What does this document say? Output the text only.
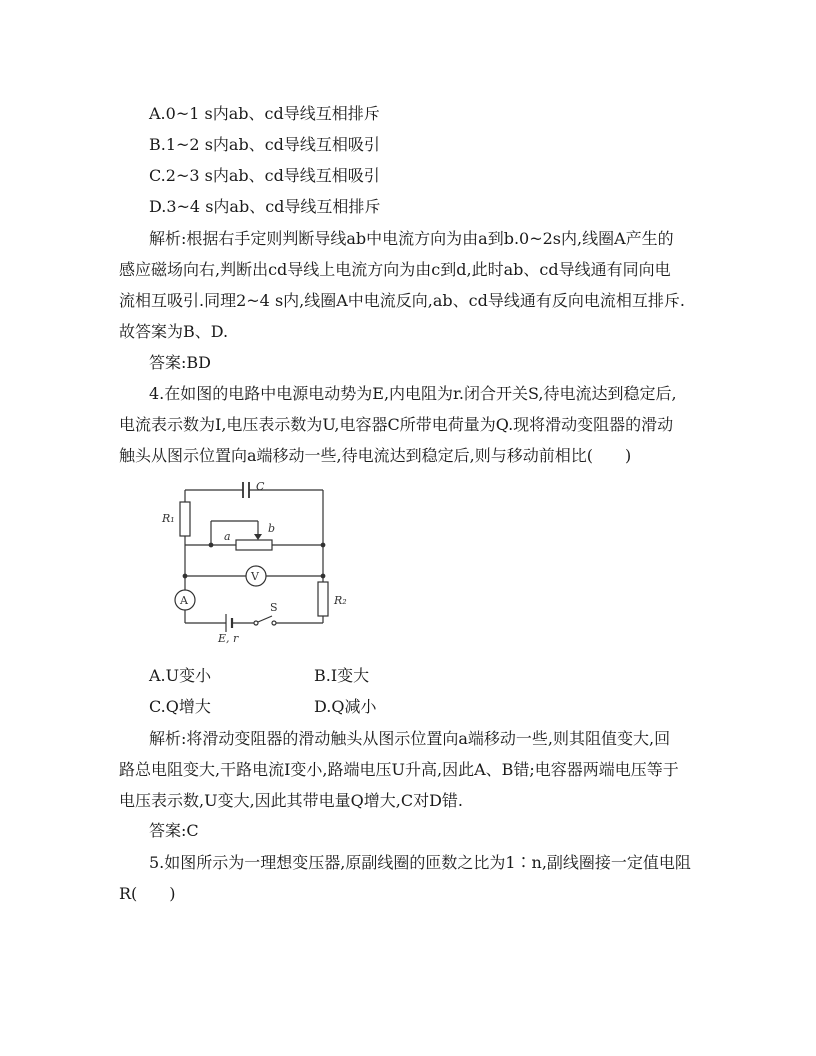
A.0~1 s内ab、cd导线互相排斥
B.1~2 s内ab、cd导线互相吸引
C.2~3 s内ab、cd导线互相吸引
D.3~4 s内ab、cd导线互相排斥
解析:根据右手定则判断导线ab中电流方向为由a到b.0~2s内,线圈A产生的
感应磁场向右,判断出cd导线上电流方向为由c到d,此时ab、cd导线通有同向电
流相互吸引.同理2~4 s内,线圈A中电流反向,ab、cd导线通有反向电流相互排斥.
故答案为B、D.
答案:BD
4.在如图的电路中电源电动势为E,内电阻为r.闭合开关S,待电流达到稳定后,
电流表示数为I,电压表示数为U,电容器C所带电荷量为Q.现将滑动变阻器的滑动
触头从图示位置向a端移动一些,待电流达到稳定后,则与移动前相比(　　)
C
R₁
a
b
V
A	R₂
S
E, r
A.U变小	B.I变大
C.Q增大	D.Q减小
解析:将滑动变阻器的滑动触头从图示位置向a端移动一些,则其阻值变大,回
路总电阻变大,干路电流I变小,路端电压U升高,因此A、B错;电容器两端电压等于
电压表示数,U变大,因此其带电量Q增大,C对D错.
答案:C
5.如图所示为一理想变压器,原副线圈的匝数之比为1∶n,副线圈接一定值电阻
R(　　)
